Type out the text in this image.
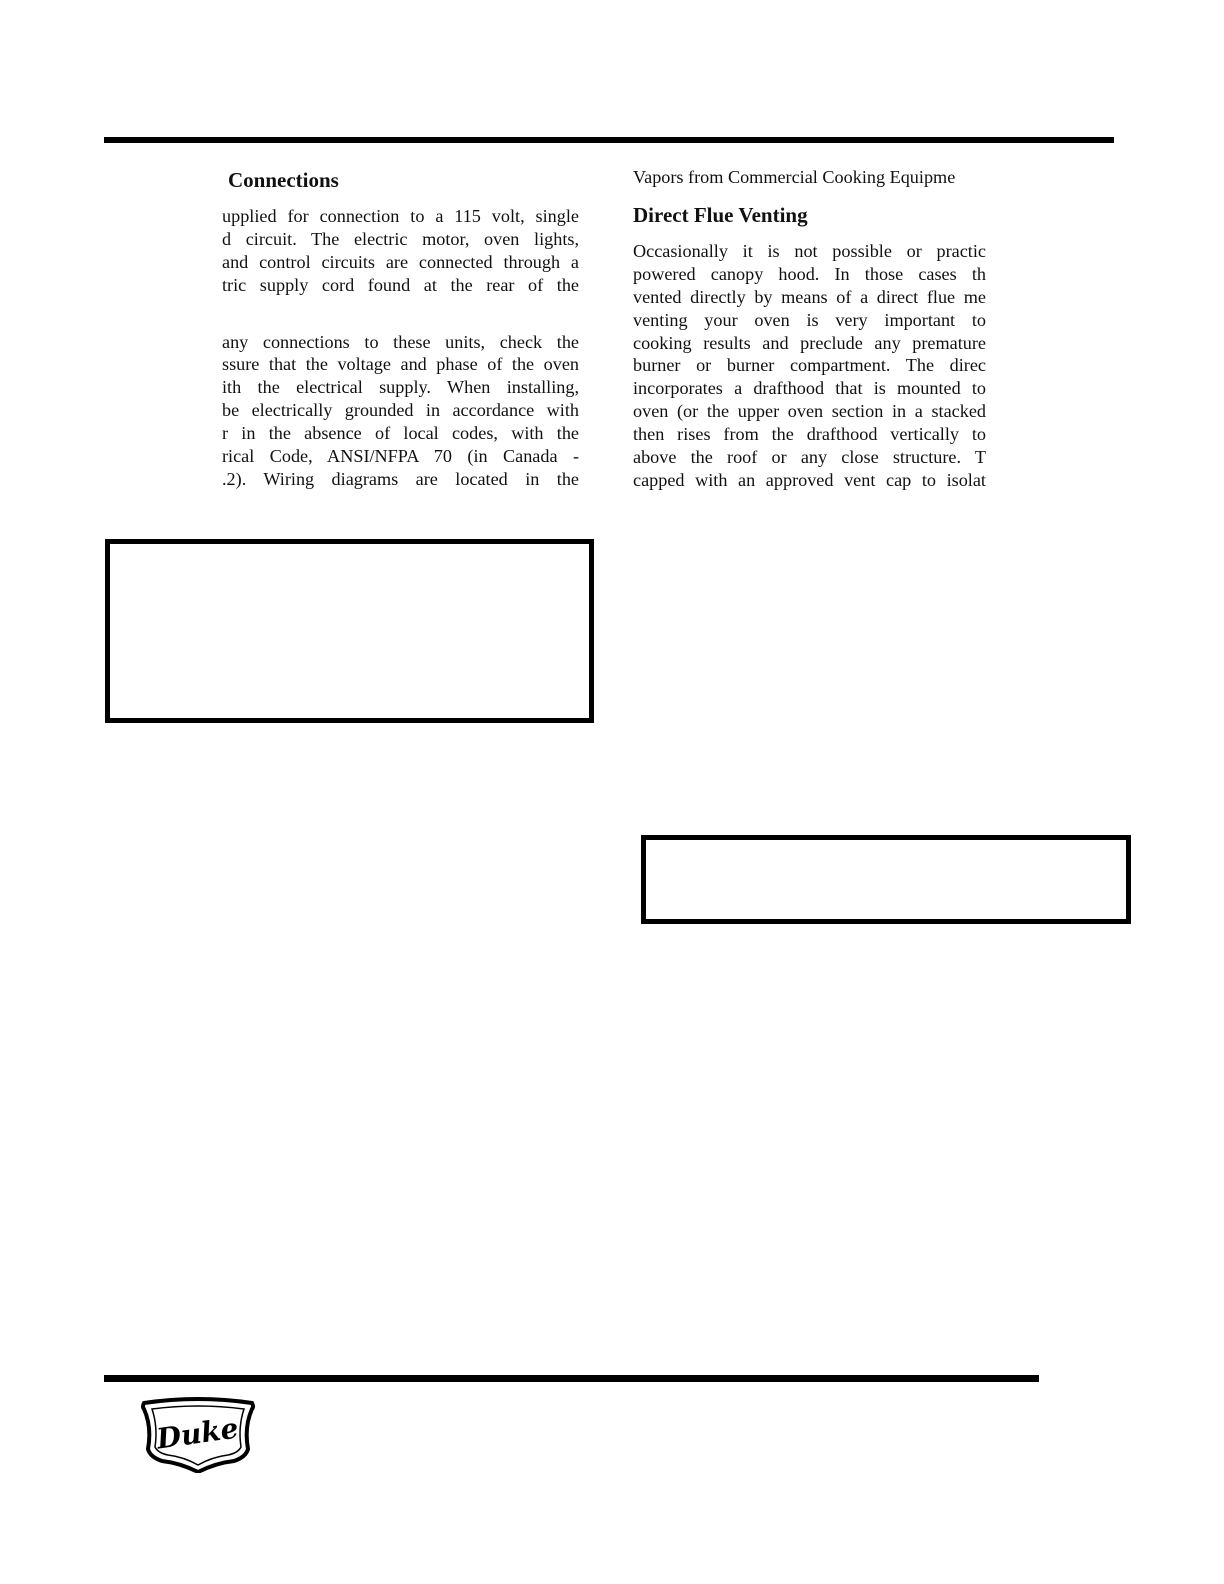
Connections
upplied for connection to a 115 volt, single
d circuit. The electric motor, oven lights,
and control circuits are connected through a
tric supply cord found at the rear of the
any connections to these units, check the
ssure that the voltage and phase of the oven
ith the electrical supply. When installing,
be electrically grounded in accordance with
r in the absence of local codes, with the
rical Code, ANSI/NFPA 70 (in Canada -
.2). Wiring diagrams are located in the
Vapors from Commercial Cooking Equipme
Direct Flue Venting
Occasionally it is not possible or practic
powered canopy hood. In those cases th
vented directly by means of a direct flue me
venting your oven is very important to
cooking results and preclude any premature
burner or burner compartment. The direc
incorporates a drafthood that is mounted to
oven (or the upper oven section in a stacked
then rises from the drafthood vertically to
above the roof or any close structure. T
capped with an approved vent cap to isolat
Duke
